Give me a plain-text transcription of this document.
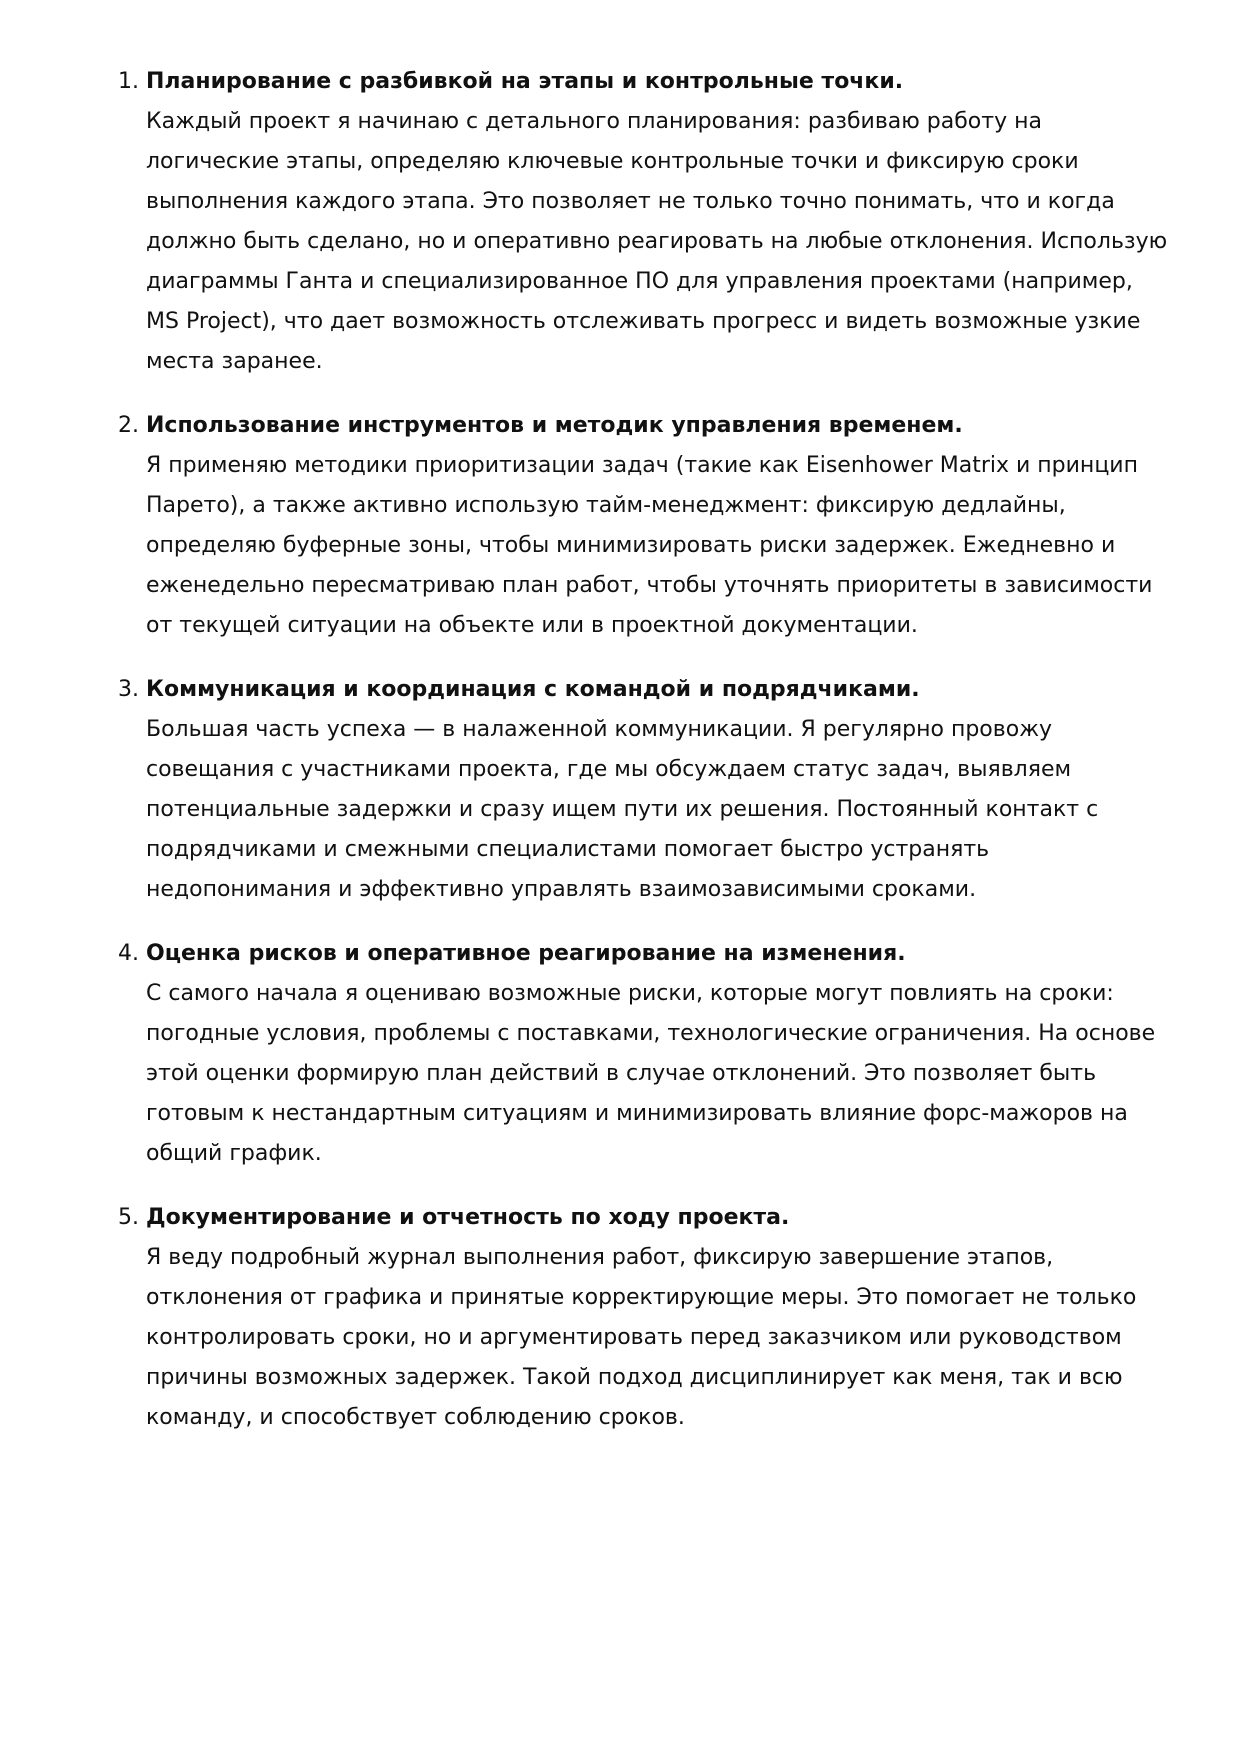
1. Планирование с разбивкой на этапы и контрольные точки.
Каждый проект я начинаю с детального планирования: разбиваю работу на
логические этапы, определяю ключевые контрольные точки и фиксирую сроки
выполнения каждого этапа. Это позволяет не только точно понимать, что и когда
должно быть сделано, но и оперативно реагировать на любые отклонения. Использую
диаграммы Ганта и специализированное ПО для управления проектами (например,
MS Project), что дает возможность отслеживать прогресс и видеть возможные узкие
места заранее.
2. Использование инструментов и методик управления временем.
Я применяю методики приоритизации задач (такие как Eisenhower Matrix и принцип
Парето), а также активно использую тайм-менеджмент: фиксирую дедлайны,
определяю буферные зоны, чтобы минимизировать риски задержек. Ежедневно и
еженедельно пересматриваю план работ, чтобы уточнять приоритеты в зависимости
от текущей ситуации на объекте или в проектной документации.
3. Коммуникация и координация с командой и подрядчиками.
Большая часть успеха — в налаженной коммуникации. Я регулярно провожу
совещания с участниками проекта, где мы обсуждаем статус задач, выявляем
потенциальные задержки и сразу ищем пути их решения. Постоянный контакт с
подрядчиками и смежными специалистами помогает быстро устранять
недопонимания и эффективно управлять взаимозависимыми сроками.
4. Оценка рисков и оперативное реагирование на изменения.
С самого начала я оцениваю возможные риски, которые могут повлиять на сроки:
погодные условия, проблемы с поставками, технологические ограничения. На основе
этой оценки формирую план действий в случае отклонений. Это позволяет быть
готовым к нестандартным ситуациям и минимизировать влияние форс-мажоров на
общий график.
5. Документирование и отчетность по ходу проекта.
Я веду подробный журнал выполнения работ, фиксирую завершение этапов,
отклонения от графика и принятые корректирующие меры. Это помогает не только
контролировать сроки, но и аргументировать перед заказчиком или руководством
причины возможных задержек. Такой подход дисциплинирует как меня, так и всю
команду, и способствует соблюдению сроков.
